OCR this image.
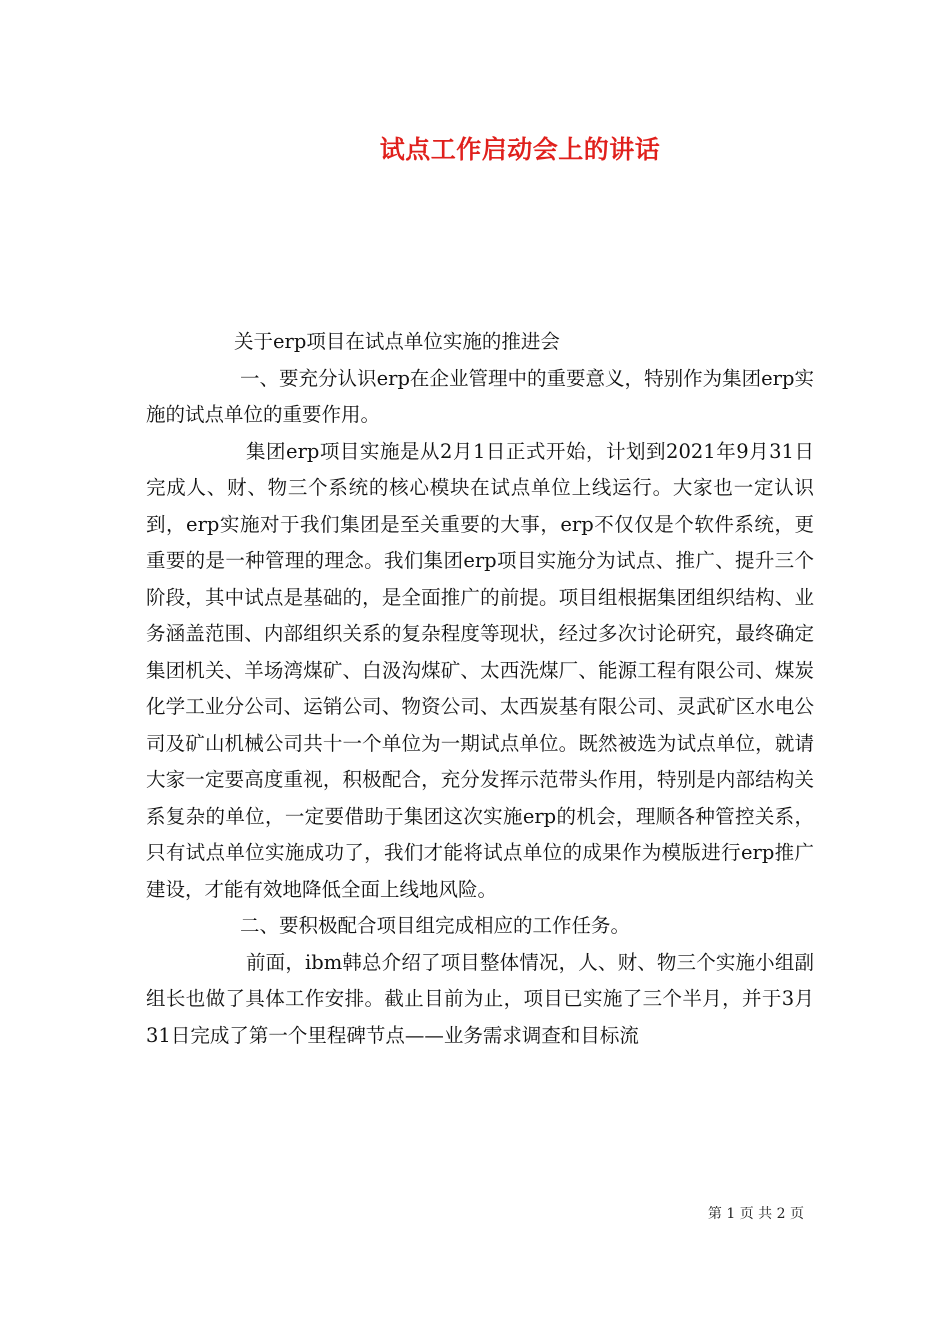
试点工作启动会上的讲话

关于erp项目在试点单位实施的推进会

一、要充分认识erp在企业管理中的重要意义，特别作为集团erp实施的试点单位的重要作用。

集团erp项目实施是从2月1日正式开始，计划到2021年9月31日完成人、财、物三个系统的核心模块在试点单位上线运行。大家也一定认识到，erp实施对于我们集团是至关重要的大事，erp不仅仅是个软件系统，更重要的是一种管理的理念。我们集团erp项目实施分为试点、推广、提升三个阶段，其中试点是基础的，是全面推广的前提。项目组根据集团组织结构、业务涵盖范围、内部组织关系的复杂程度等现状，经过多次讨论研究，最终确定集团机关、羊场湾煤矿、白汲沟煤矿、太西洗煤厂、能源工程有限公司、煤炭化学工业分公司、运销公司、物资公司、太西炭基有限公司、灵武矿区水电公司及矿山机械公司共十一个单位为一期试点单位。既然被选为试点单位，就请大家一定要高度重视，积极配合，充分发挥示范带头作用，特别是内部结构关系复杂的单位，一定要借助于集团这次实施erp的机会，理顺各种管控关系，只有试点单位实施成功了，我们才能将试点单位的成果作为模版进行erp推广建设，才能有效地降低全面上线地风险。

二、要积极配合项目组完成相应的工作任务。

前面，ibm韩总介绍了项目整体情况，人、财、物三个实施小组副组长也做了具体工作安排。截止目前为止，项目已实施了三个半月，并于3月31日完成了第一个里程碑节点——业务需求调查和目标流

第 1 页 共 2 页
